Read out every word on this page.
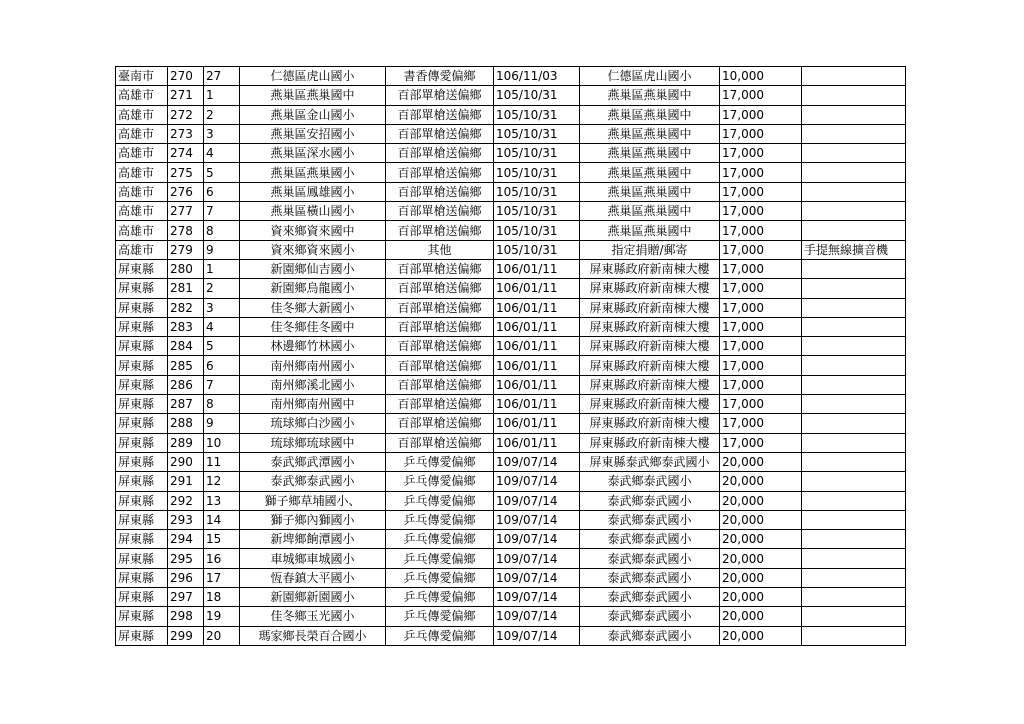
臺南市	270	27	仁德區虎山國小	書香傳愛偏鄉	106/11/03	仁德區虎山國小	10,000	
高雄市	271	1	燕巢區燕巢國中	百部單槍送偏鄉	105/10/31	燕巢區燕巢國中	17,000	
高雄市	272	2	燕巢區金山國小	百部單槍送偏鄉	105/10/31	燕巢區燕巢國中	17,000	
高雄市	273	3	燕巢區安招國小	百部單槍送偏鄉	105/10/31	燕巢區燕巢國中	17,000	
高雄市	274	4	燕巢區深水國小	百部單槍送偏鄉	105/10/31	燕巢區燕巢國中	17,000	
高雄市	275	5	燕巢區燕巢國小	百部單槍送偏鄉	105/10/31	燕巢區燕巢國中	17,000	
高雄市	276	6	燕巢區鳳雄國小	百部單槍送偏鄉	105/10/31	燕巢區燕巢國中	17,000	
高雄市	277	7	燕巢區橫山國小	百部單槍送偏鄉	105/10/31	燕巢區燕巢國中	17,000	
高雄市	278	8	資來鄉資來國中	百部單槍送偏鄉	105/10/31	燕巢區燕巢國中	17,000	
高雄市	279	9	資來鄉資來國小	其他	105/10/31	指定捐贈/郵寄	17,000	手提無線擴音機
屏東縣	280	1	新園鄉仙吉國小	百部單槍送偏鄉	106/01/11	屏東縣政府新南棟大樓	17,000	
屏東縣	281	2	新園鄉烏龍國小	百部單槍送偏鄉	106/01/11	屏東縣政府新南棟大樓	17,000	
屏東縣	282	3	佳冬鄉大新國小	百部單槍送偏鄉	106/01/11	屏東縣政府新南棟大樓	17,000	
屏東縣	283	4	佳冬鄉佳冬國中	百部單槍送偏鄉	106/01/11	屏東縣政府新南棟大樓	17,000	
屏東縣	284	5	林邊鄉竹林國小	百部單槍送偏鄉	106/01/11	屏東縣政府新南棟大樓	17,000	
屏東縣	285	6	南州鄉南州國小	百部單槍送偏鄉	106/01/11	屏東縣政府新南棟大樓	17,000	
屏東縣	286	7	南州鄉溪北國小	百部單槍送偏鄉	106/01/11	屏東縣政府新南棟大樓	17,000	
屏東縣	287	8	南州鄉南州國中	百部單槍送偏鄉	106/01/11	屏東縣政府新南棟大樓	17,000	
屏東縣	288	9	琉球鄉白沙國小	百部單槍送偏鄉	106/01/11	屏東縣政府新南棟大樓	17,000	
屏東縣	289	10	琉球鄉琉球國中	百部單槍送偏鄉	106/01/11	屏東縣政府新南棟大樓	17,000	
屏東縣	290	11	泰武鄉武潭國小	乒乓傳愛偏鄉	109/07/14	屏東縣泰武鄉泰武國小	20,000	
屏東縣	291	12	泰武鄉泰武國小	乒乓傳愛偏鄉	109/07/14	泰武鄉泰武國小	20,000	
屏東縣	292	13	獅子鄉草埔國小、	乒乓傳愛偏鄉	109/07/14	泰武鄉泰武國小	20,000	
屏東縣	293	14	獅子鄉內獅國小	乒乓傳愛偏鄉	109/07/14	泰武鄉泰武國小	20,000	
屏東縣	294	15	新埤鄉餉潭國小	乒乓傳愛偏鄉	109/07/14	泰武鄉泰武國小	20,000	
屏東縣	295	16	車城鄉車城國小	乒乓傳愛偏鄉	109/07/14	泰武鄉泰武國小	20,000	
屏東縣	296	17	恆春鎮大平國小	乒乓傳愛偏鄉	109/07/14	泰武鄉泰武國小	20,000	
屏東縣	297	18	新園鄉新園國小	乒乓傳愛偏鄉	109/07/14	泰武鄉泰武國小	20,000	
屏東縣	298	19	佳冬鄉玉光國小	乒乓傳愛偏鄉	109/07/14	泰武鄉泰武國小	20,000	
屏東縣	299	20	瑪家鄉長榮百合國小	乒乓傳愛偏鄉	109/07/14	泰武鄉泰武國小	20,000	
